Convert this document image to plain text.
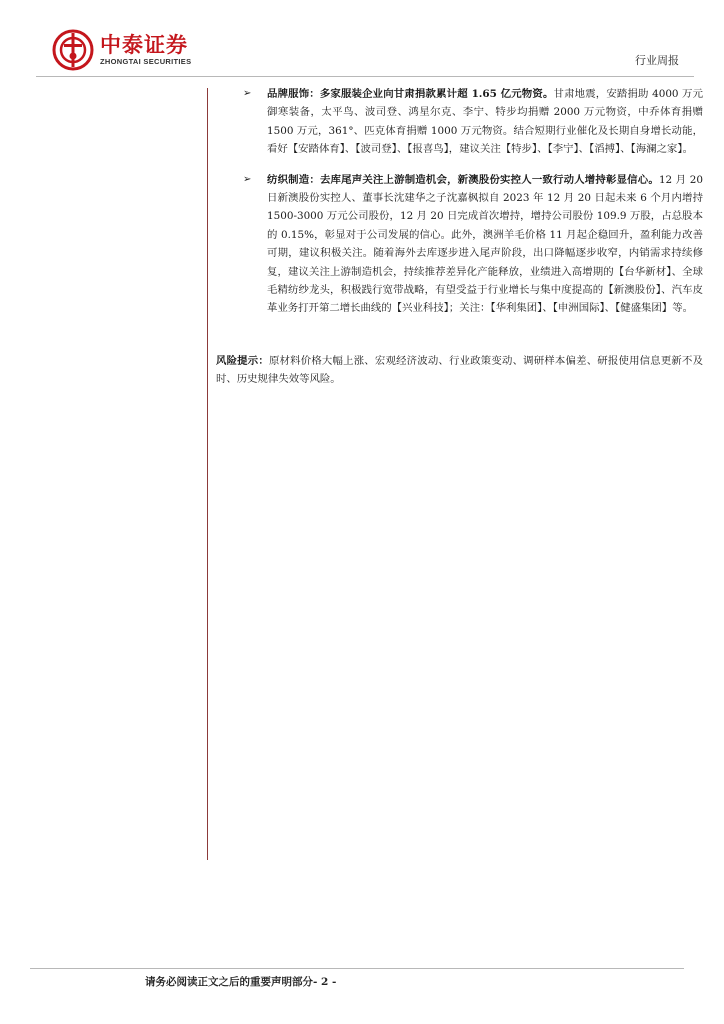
中泰证券
ZHONGTAI SECURITIES	行业周报
➢ 品牌服饰：多家服装企业向甘肃捐款累计超 1.65 亿元物资。甘肃地震，安踏捐助 4000 万元御寒装备，太平鸟、波司登、鸿星尔克、李宁、特步均捐赠 2000 万元物资，中乔体育捐赠 1500 万元，361°、匹克体育捐赠 1000 万元物资。结合短期行业催化及长期自身增长动能，看好【安踏体育】、【波司登】、【报喜鸟】，建议关注【特步】、【李宁】、【滔搏】、【海澜之家】。
➢ 纺织制造：去库尾声关注上游制造机会，新澳股份实控人一致行动人增持彰显信心。12 月 20 日新澳股份实控人、董事长沈建华之子沈嘉枫拟自 2023 年 12 月 20 日起未来 6 个月内增持 1500-3000 万元公司股份，12 月 20 日完成首次增持，增持公司股份 109.9 万股，占总股本的 0.15%，彰显对于公司发展的信心。此外，澳洲羊毛价格 11 月起企稳回升，盈利能力改善可期，建议积极关注。随着海外去库逐步进入尾声阶段，出口降幅逐步收窄，内销需求持续修复，建议关注上游制造机会，持续推荐差异化产能释放，业绩进入高增期的【台华新材】、全球毛精纺纱龙头，积极践行宽带战略，有望受益于行业增长与集中度提高的【新澳股份】、汽车皮革业务打开第二增长曲线的【兴业科技】；关注：【华利集团】、【申洲国际】、【健盛集团】等。
风险提示：原材料价格大幅上涨、宏观经济波动、行业政策变动、调研样本偏差、研报使用信息更新不及时、历史规律失效等风险。
请务必阅读正文之后的重要声明部分- 2 -
